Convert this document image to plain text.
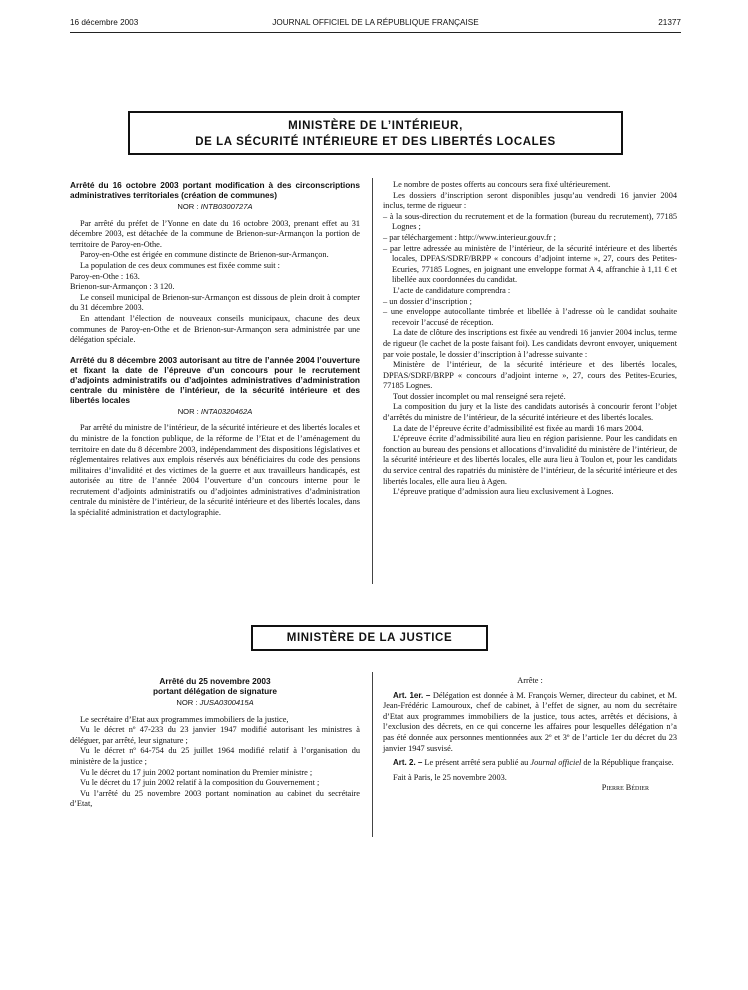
16 décembre 2003	JOURNAL OFFICIEL DE LA RÉPUBLIQUE FRANÇAISE	21377
MINISTÈRE DE L’INTÉRIEUR,
DE LA SÉCURITÉ INTÉRIEURE ET DES LIBERTÉS LOCALES
Arrêté du 16 octobre 2003 portant modification à des circonscriptions administratives territoriales (création de communes)
NOR : INTB0300727A

Par arrêté du préfet de l’Yonne en date du 16 octobre 2003, prenant effet au 31 décembre 2003, est détachée de la commune de Brienon-sur-Armançon la portion de territoire de Paroy-en-Othe.

Paroy-en-Othe est érigée en commune distincte de Brienon-sur-Armançon.

La population de ces deux communes est fixée comme suit :

Paroy-en-Othe : 163.

Brienon-sur-Armançon : 3 120.

Le conseil municipal de Brienon-sur-Armançon est dissous de plein droit à compter du 31 décembre 2003.

En attendant l’élection de nouveaux conseils municipaux, chacune des deux communes de Paroy-en-Othe et de Brienon-sur-Armançon sera administrée par une délégation spéciale.

Arrêté du 8 décembre 2003 autorisant au titre de l’année 2004 l’ouverture et fixant la date de l’épreuve d’un concours pour le recrutement d’adjoints administratifs ou d’adjointes administratives d’administration centrale du ministère de l’intérieur, de la sécurité intérieure et des libertés locales
NOR : INTA0320462A

Par arrêté du ministre de l’intérieur, de la sécurité intérieure et des libertés locales et du ministre de la fonction publique, de la réforme de l’Etat et de l’aménagement du territoire en date du 8 décembre 2003, indépendamment des dispositions législatives et réglementaires relatives aux emplois réservés aux bénéficiaires du code des pensions militaires d’invalidité et des victimes de la guerre et aux travailleurs handicapés, est autorisée au titre de l’année 2004 l’ouverture d’un concours interne pour le recrutement d’adjoints administratifs ou d’adjointes administratives d’administration centrale du ministère de l’intérieur, de la sécurité intérieure et des libertés locales, dans la spécialité administration et dactylographie.

Le nombre de postes offerts au concours sera fixé ultérieurement.

Les dossiers d’inscription seront disponibles jusqu’au vendredi 16 janvier 2004 inclus, terme de rigueur :

– à la sous-direction du recrutement et de la formation (bureau du recrutement), 77185 Lognes ;

– par téléchargement : http://www.interieur.gouv.fr ;

– par lettre adressée au ministère de l’intérieur, de la sécurité intérieure et des libertés locales, DPFAS/SDRF/BRPP « concours d’adjoint interne », 27, cours des Petites-Ecuries, 77185 Lognes, en joignant une enveloppe format A 4, affranchie à 1,11 € et libellée aux coordonnées du candidat.

L’acte de candidature comprendra :

– un dossier d’inscription ;

– une enveloppe autocollante timbrée et libellée à l’adresse où le candidat souhaite recevoir l’accusé de réception.

La date de clôture des inscriptions est fixée au vendredi 16 janvier 2004 inclus, terme de rigueur (le cachet de la poste faisant foi). Les candidats devront envoyer, uniquement par voie postale, le dossier d’inscription à l’adresse suivante :

Ministère de l’intérieur, de la sécurité intérieure et des libertés locales, DPFAS/SDRF/BRPP « concours d’adjoint interne », 27, cours des Petites-Ecuries, 77185 Lognes.

Tout dossier incomplet ou mal renseigné sera rejeté.

La composition du jury et la liste des candidats autorisés à concourir feront l’objet d’arrêtés du ministre de l’intérieur, de la sécurité intérieure et des libertés locales.

La date de l’épreuve écrite d’admissibilité est fixée au mardi 16 mars 2004.

L’épreuve écrite d’admissibilité aura lieu en région parisienne. Pour les candidats en fonction au bureau des pensions et allocations d’invalidité du ministère de l’intérieur, de la sécurité intérieure et des libertés locales, elle aura lieu à Toulon et, pour les candidats du service central des rapatriés du ministère de l’intérieur, de la sécurité intérieure et des libertés locales, elle aura lieu à Agen.

L’épreuve pratique d’admission aura lieu exclusivement à Lognes.

MINISTÈRE DE LA JUSTICE
Arrêté du 25 novembre 2003
portant délégation de signature
NOR : JUSA0300415A

Le secrétaire d’Etat aux programmes immobiliers de la justice,

Vu le décret nº 47-233 du 23 janvier 1947 modifié autorisant les ministres à déléguer, par arrêté, leur signature ;

Vu le décret nº 64-754 du 25 juillet 1964 modifié relatif à l’organisation du ministère de la justice ;

Vu le décret du 17 juin 2002 portant nomination du Premier ministre ;

Vu le décret du 17 juin 2002 relatif à la composition du Gouvernement ;

Vu l’arrêté du 25 novembre 2003 portant nomination au cabinet du secrétaire d’Etat,

Arrête :

Art. 1er. – Délégation est donnée à M. François Werner, directeur du cabinet, et M. Jean-Frédéric Lamouroux, chef de cabinet, à l’effet de signer, au nom du secrétaire d’Etat aux programmes immobiliers de la justice, tous actes, arrêtés et décisions, à l’exclusion des décrets, en ce qui concerne les affaires pour lesquelles délégation n’a pas été donnée aux personnes mentionnées aux 2º et 3º de l’article 1er du décret du 23 janvier 1947 susvisé.

Art. 2. – Le présent arrêté sera publié au Journal officiel de la République française.

Fait à Paris, le 25 novembre 2003.

Pierre Bédier
